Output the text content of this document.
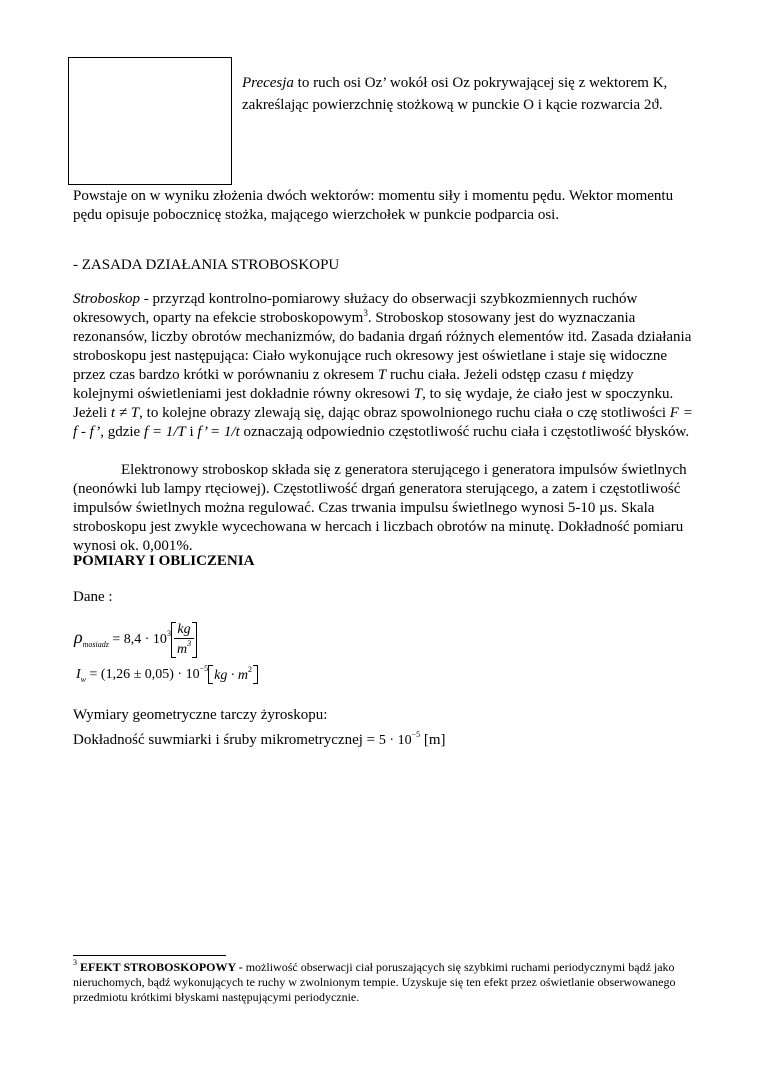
Precesja to ruch osi Oz’ wokół osi Oz pokrywającej się z wektorem K, zakreślając powierzchnię stożkową w punckie O i kącie rozwarcia 2ϑ.
Powstaje on w wyniku złożenia dwóch wektorów: momentu siły i momentu pędu. Wektor momentu pędu opisuje pobocznicę stożka, mającego wierzchołek w punkcie podparcia osi.
- ZASADA DZIAŁANIA STROBOSKOPU
Stroboskop - przyrząd kontrolno-pomiarowy służacy do obserwacji szybkozmiennych ruchów okresowych, oparty na efekcie stroboskopowym$^3$. Stroboskop stosowany jest do wyznaczania rezonansów, liczby obrotów mechanizmów, do badania drgań różnych elementów itd. Zasada działania stroboskopu jest następująca: Ciało wykonujące ruch okresowy jest oświetlane i staje się widoczne przez czas bardzo krótki w porównaniu z okresem T ruchu ciała. Jeżeli odstęp czasu t między kolejnymi oświetleniami jest dokładnie równy okresowi T, to się wydaje, że ciało jest w spoczynku. Jeżeli t ≠ T, to kolejne obrazy zlewają się, dając obraz spowolnionego ruchu ciała o czę stotliwości F = f - f’, gdzie f = 1/T i f’ = 1/t oznaczają odpowiednio częstotliwość ruchu ciała i częstotliwość błysków.
Elektronowy stroboskop składa się z generatora sterującego i generatora impulsów świetlnych (neonówki lub lampy rtęciowej). Częstotliwość drgań generatora sterującego, a zatem i częstotliwość impulsów świetlnych można regulować. Czas trwania impulsu świetlnego wynosi 5-10 µs. Skala stroboskopu jest zwykle wycechowana w hercach i liczbach obrotów na minutę. Dokładność pomiaru wynosi ok. 0,001%.
POMIARY I OBLICZENIA
Dane :
$\rho_{mosiadz} = 8,4 \cdot 10^3 \frac{kg}{m^3}$
$I_w = (1,26 \pm 0,05) \cdot 10^{-5}$ kg · $m^2$
Wymiary geometryczne tarczy żyroskopu:
Dokładność suwmiarki i śruby mikrometrycznej = $5 \cdot 10^{-5}$ [m]
$^3$ EFEKT STROBOSKOPOWY - możliwość obserwacji ciał poruszających się szybkimi ruchami periodycznymi bądź jako nieruchomych, bądź wykonujących te ruchy w zwolnionym tempie. Uzyskuje się ten efekt przez oświetlanie obserwowanego przedmiotu krótkimi błyskami następującymi periodycznie.
